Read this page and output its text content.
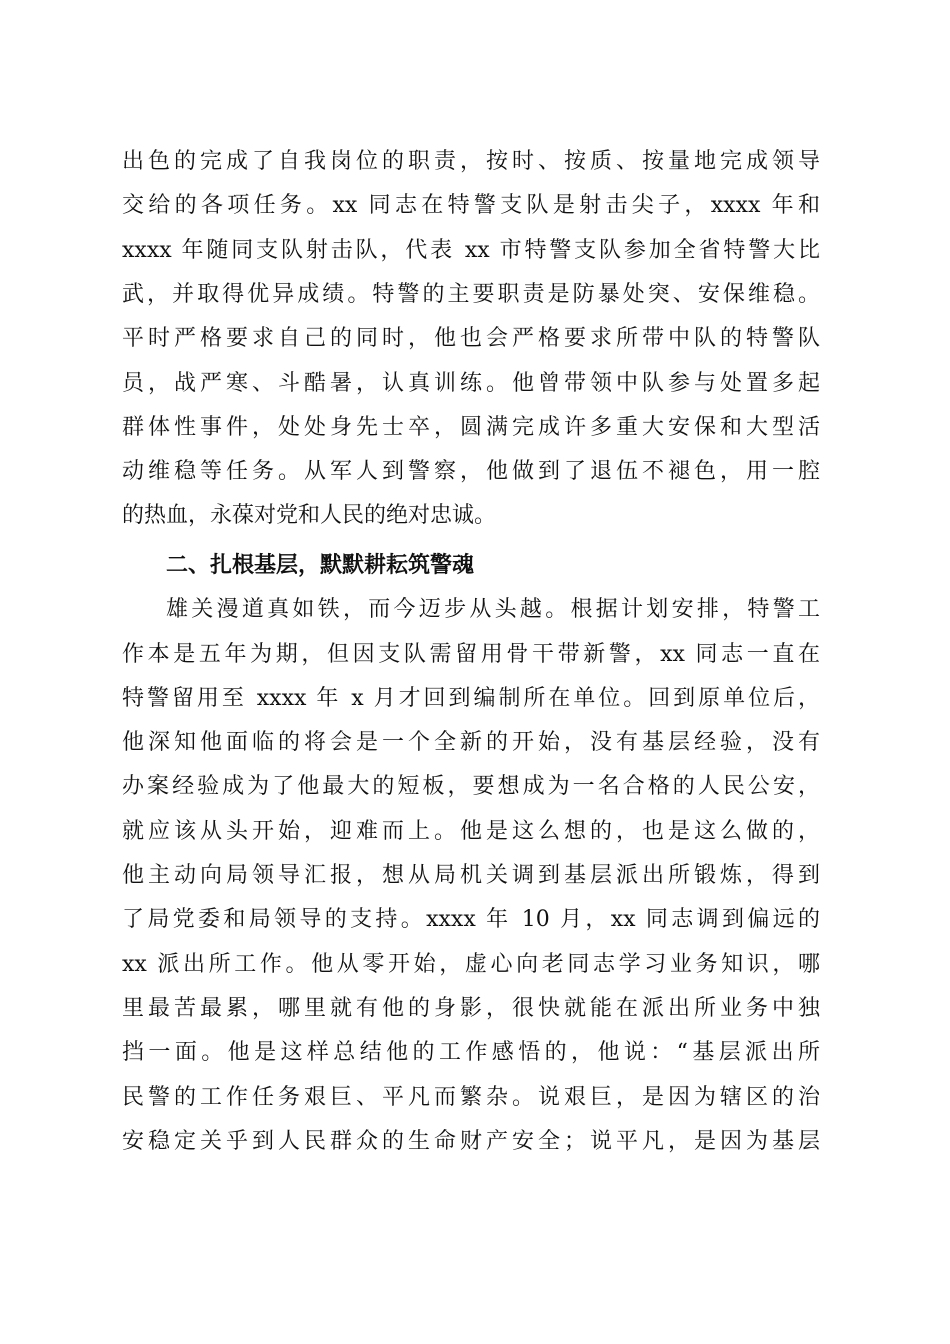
出色的完成了自我岗位的职责，按时、按质、按量地完成领导
交给的各项任务。xx 同志在特警支队是射击尖子，xxxx 年和
xxxx 年随同支队射击队，代表 xx 市特警支队参加全省特警大比
武，并取得优异成绩。特警的主要职责是防暴处突、安保维稳。
平时严格要求自己的同时，他也会严格要求所带中队的特警队
员，战严寒、斗酷暑，认真训练。他曾带领中队参与处置多起
群体性事件，处处身先士卒，圆满完成许多重大安保和大型活
动维稳等任务。从军人到警察，他做到了退伍不褪色，用一腔
的热血，永葆对党和人民的绝对忠诚。
二、扎根基层，默默耕耘筑警魂
雄关漫道真如铁，而今迈步从头越。根据计划安排，特警工
作本是五年为期，但因支队需留用骨干带新警，xx 同志一直在
特警留用至 xxxx 年 x 月才回到编制所在单位。回到原单位后，
他深知他面临的将会是一个全新的开始，没有基层经验，没有
办案经验成为了他最大的短板，要想成为一名合格的人民公安，
就应该从头开始，迎难而上。他是这么想的，也是这么做的，
他主动向局领导汇报，想从局机关调到基层派出所锻炼，得到
了局党委和局领导的支持。xxxx 年 10 月，xx 同志调到偏远的
xx 派出所工作。他从零开始，虚心向老同志学习业务知识，哪
里最苦最累，哪里就有他的身影，很快就能在派出所业务中独
挡一面。他是这样总结他的工作感悟的，他说：“基层派出所
民警的工作任务艰巨、平凡而繁杂。说艰巨，是因为辖区的治
安稳定关乎到人民群众的生命财产安全；说平凡，是因为基层
